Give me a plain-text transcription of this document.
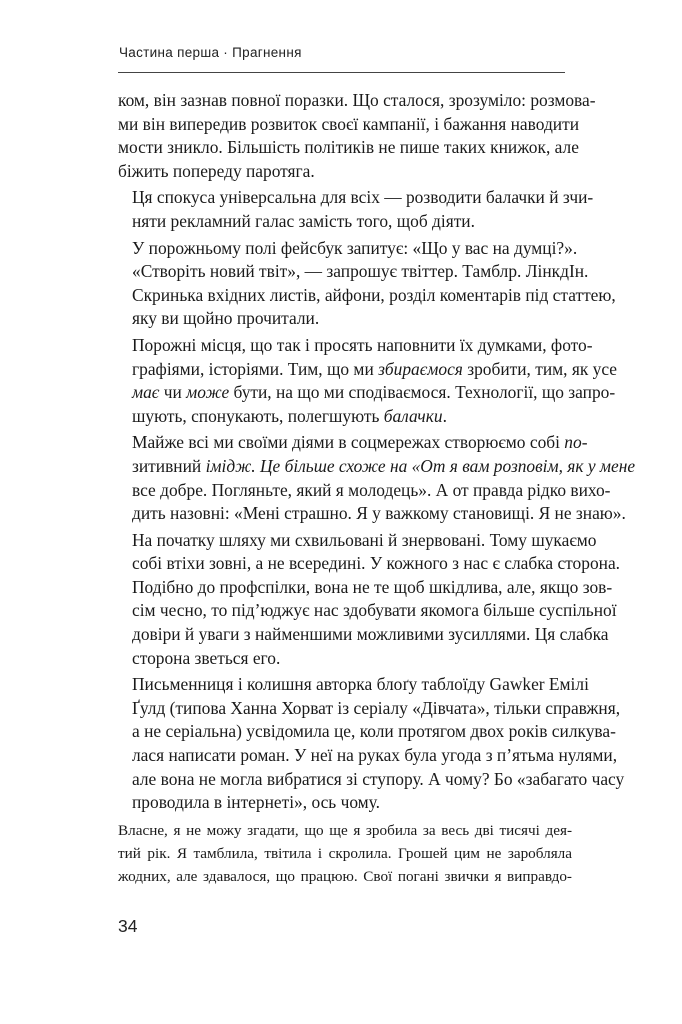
Частина перша · Прагнення

ком, він зазнав повної поразки. Що сталося, зрозуміло: розмова-
ми він випередив розвиток своєї кампанії, і бажання наводити
мости зникло. Більшість політиків не пише таких книжок, але
біжить попереду паротяга.

Ця спокуса універсальна для всіх — розводити балачки й зчи-
няти рекламний галас замість того, щоб діяти.

У порожньому полі фейсбук запитує: «Що у вас на думці?».
«Створіть новий твіт», — запрошує твіттер. Тамблр. ЛінкдІн.
Скринька вхідних листів, айфони, розділ коментарів під статтею,
яку ви щойно прочитали.

Порожні місця, що так і просять наповнити їх думками, фото-
графіями, історіями. Тим, що ми збираємося зробити, тим, як усе
має чи може бути, на що ми сподіваємося. Технології, що запро-
шують, спонукають, полегшують балачки.

Майже всі ми своїми діями в соцмережах створюємо собі по-
зитивний імідж. Це більше схоже на «От я вам розповім, як у мене
все добре. Погляньте, який я молодець». А от правда рідко вихо-
дить назовні: «Мені страшно. Я у важкому становищі. Я не знаю».

На початку шляху ми схвильовані й знервовані. Тому шукаємо
собі втіхи зовні, а не всередині. У кожного з нас є слабка сторона.
Подібно до профспілки, вона не те щоб шкідлива, але, якщо зов-
сім чесно, то підʼюджує нас здобувати якомога більше суспільної
довіри й уваги з найменшими можливими зусиллями. Ця слабка
сторона зветься его.

Письменниця і колишня авторка блоґу таблоїду Gawker Емілі
Ґулд (типова Ханна Хорват із серіалу «Дівчата», тільки справжня,
а не серіальна) усвідомила це, коли протягом двох років силкува-
лася написати роман. У неї на руках була угода з пʼятьма нулями,
але вона не могла вибратися зі ступору. А чому? Бо «забагато часу
проводила в інтернеті», ось чому.

Власне, я не можу згадати, що ще я зробила за весь дві тисячі дея-
тий рік. Я тамблила, твітила і скролила. Грошей цим не заробляла
жодних, але здавалося, що працюю. Свої погані звички я виправдо-

34
